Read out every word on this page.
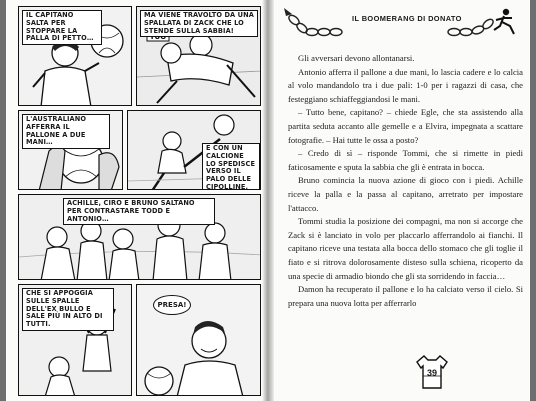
IL CAPITANO SALTA PER STOPPARE LA PALLA DI PETTO…
MA VIENE TRAVOLTO DA UNA SPALLATA DI ZACK CHE LO STENDE SULLA SABBIA!
L'AUSTRALIANO AFFERRA IL PALLONE A DUE MANI…
E CON UN CALCIONE LO SPEDISCE VERSO IL PALO DELLE CIPOLLINE.
ACHILLE, CIRO E BRUNO SALTANO PER CONTRASTARE TODD E ANTONIO…
CHE SI APPOGGIA SULLE SPALLE DELL'EX BULLO E SALE PIÙ IN ALTO DI TUTTI.
PRESA!
IL BOOMERANG DI DONATO

Gli avversari devono allontanarsi.

Antonio afferra il pallone a due mani, lo lascia cadere e lo calcia al volo mandandolo tra i due pali: 1-0 per i ragazzi di casa, che festeggiano schiaffeggiandosi le mani.

– Tutto bene, capitano? – chiede Egle, che sta assistendo alla partita seduta accanto alle gemelle e a Elvira, impegnata a scattare fotografie. – Hai tutte le ossa a posto?

– Credo di sì – risponde Tommi, che si rimette in piedi faticosamente e sputa la sabbia che gli è entrata in bocca.

Bruno comincia la nuova azione di gioco con i piedi. Achille riceve la palla e la passa al capitano, arretrato per impostare l'attacco.

Tommi studia la posizione dei compagni, ma non si accorge che Zack si è lanciato in volo per placcarlo afferrandolo ai fianchi. Il capitano riceve una testata alla bocca dello stomaco che gli toglie il fiato e si ritrova dolorosamente disteso sulla schiena, ricoperto da una specie di armadio biondo che gli sta sorridendo in faccia…

Damon ha recuperato il pallone e lo ha calciato verso il cielo. Si prepara una nuova lotta per afferrarlo

39
